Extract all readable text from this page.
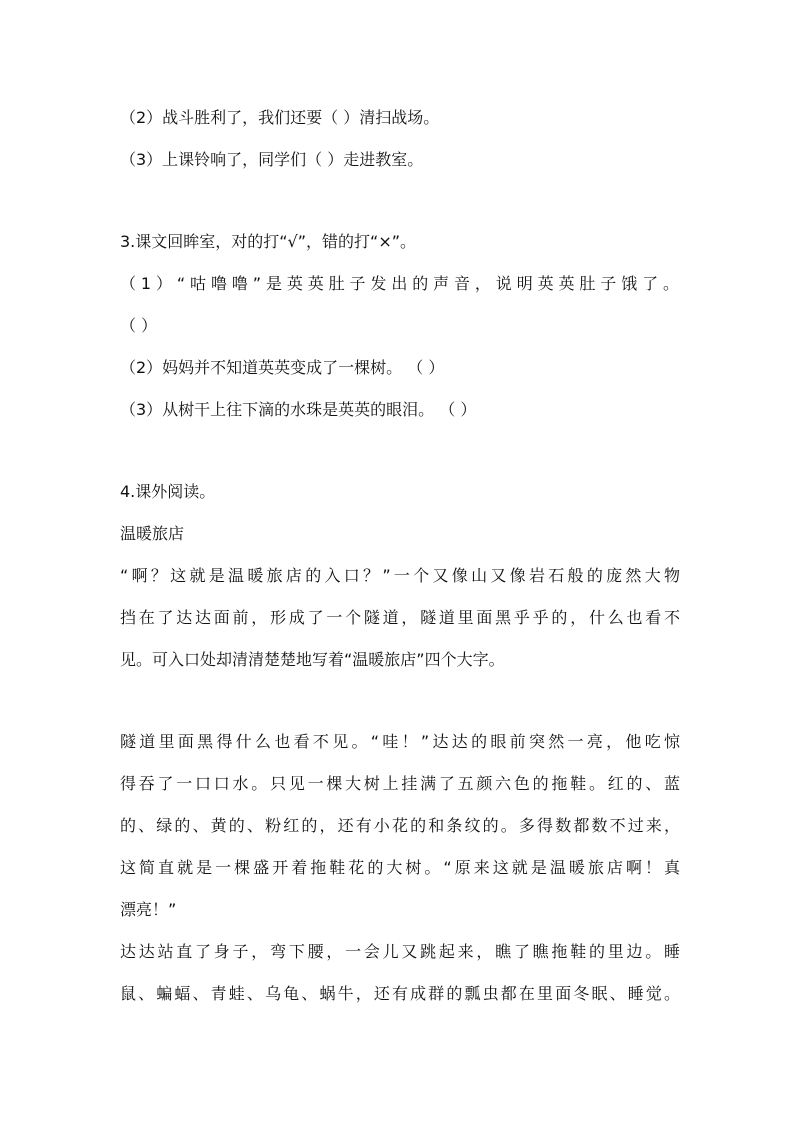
（2）战斗胜利了，我们还要（ ）清扫战场。
（3）上课铃响了，同学们（ ）走进教室。
3.课文回眸室，对的打“√”，错的打“×”。
（1）“咕噜噜”是英英肚子发出的声音，说明英英肚子饿了。
（ ）
（2）妈妈并不知道英英变成了一棵树。 （ ）
（3）从树干上往下滴的水珠是英英的眼泪。 （ ）
4.课外阅读。
温暖旅店
“啊？这就是温暖旅店的入口？”一个又像山又像岩石般的庞然大物
挡在了达达面前，形成了一个隧道，隧道里面黑乎乎的，什么也看不
见。可入口处却清清楚楚地写着“温暖旅店”四个大字。
隧道里面黑得什么也看不见。“哇！”达达的眼前突然一亮，他吃惊
得吞了一口口水。只见一棵大树上挂满了五颜六色的拖鞋。红的、蓝
的、绿的、黄的、粉红的，还有小花的和条纹的。多得数都数不过来，
这简直就是一棵盛开着拖鞋花的大树。“原来这就是温暖旅店啊！真
漂亮！”
达达站直了身子，弯下腰，一会儿又跳起来，瞧了瞧拖鞋的里边。睡
鼠、蝙蝠、青蛙、乌龟、蜗牛，还有成群的瓢虫都在里面冬眠、睡觉。
